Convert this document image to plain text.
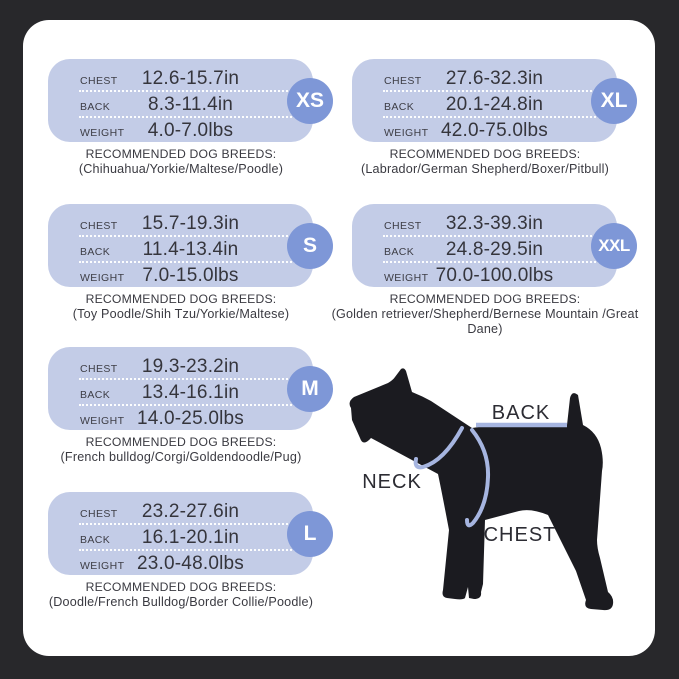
CHEST	12.6-15.7in
BACK	8.3-11.4in
WEIGHT	4.0-7.0lbs
XS
RECOMMENDED DOG BREEDS:
(Chihuahua/Yorkie/Maltese/Poodle)
CHEST	15.7-19.3in
BACK	11.4-13.4in
WEIGHT 7.0-15.0lbs
S
RECOMMENDED DOG BREEDS:
(Toy Poodle/Shih Tzu/Yorkie/Maltese)
CHEST	19.3-23.2in
BACK	13.4-16.1in
WEIGHT 14.0-25.0lbs
M
RECOMMENDED DOG BREEDS:
(French bulldog/Corgi/Goldendoodle/Pug)
CHEST	23.2-27.6in
BACK	16.1-20.1in
WEIGHT 23.0-48.0lbs
L
RECOMMENDED DOG BREEDS:
(Doodle/French Bulldog/Border Collie/Poodle)
CHEST	27.6-32.3in
BACK	20.1-24.8in
WEIGHT 42.0-75.0lbs
XL
RECOMMENDED DOG BREEDS:
(Labrador/German Shepherd/Boxer/Pitbull)
CHEST	32.3-39.3in
BACK	24.8-29.5in
WEIGHT 70.0-100.0lbs
XXL
RECOMMENDED DOG BREEDS:
(Golden retriever/Shepherd/Bernese Mountain /Great Dane)
BACK
NECK
CHEST
